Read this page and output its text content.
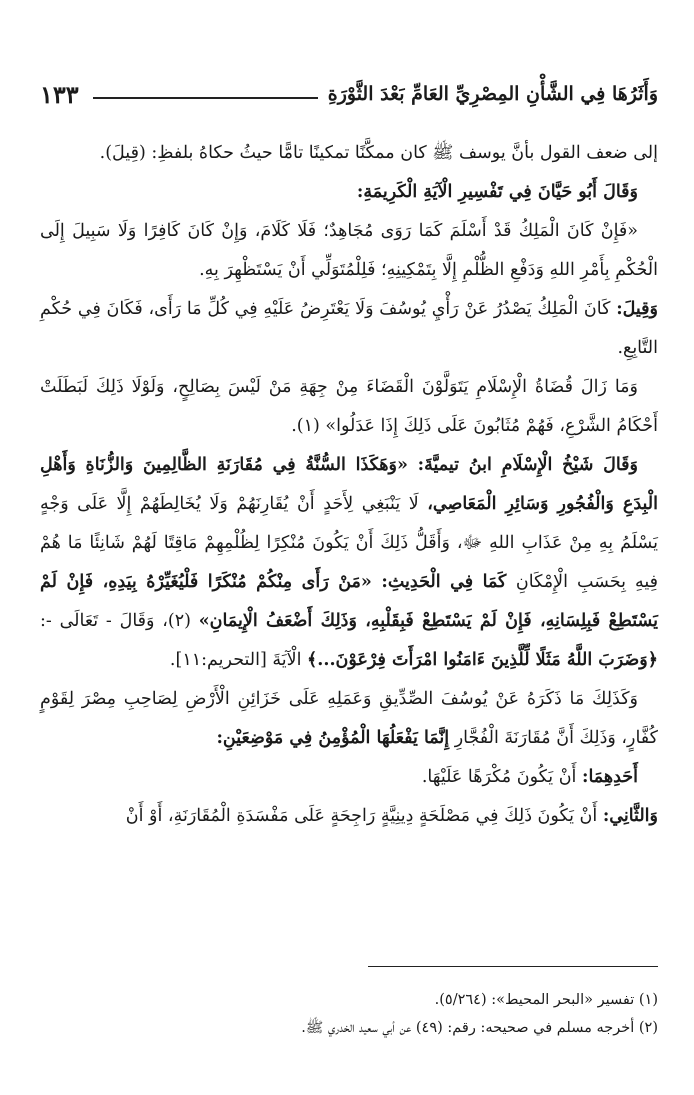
وَأَثَرُهَا فِي الشَّأْنِ المِصْرِيِّ العَامِّ بَعْدَ الثَّوْرَةِ
١٣٣

إلى ضعف القول بأنَّ يوسف ﷺ كان ممكَّنًا تمكينًا تامًّا حيثُ حكاهُ بلفظِ: (قِيلَ).

وَقَالَ أَبُو حَيَّانَ فِي تَفْسِيرِ الْآيَةِ الْكَرِيمَةِ:

«فَإِنْ كَانَ الْمَلِكُ قَدْ أَسْلَمَ كَمَا رَوَى مُجَاهِدٌ؛ فَلَا كَلَامَ، وَإِنْ كَانَ كَافِرًا وَلَا سَبِيلَ إِلَى الْحُكْمِ بِأَمْرِ اللهِ وَدَفْعِ الظُّلْمِ إِلَّا بِتَمْكِينِهِ؛ فَلِلْمُتَوَلِّي أَنْ يَسْتَظْهِرَ بِهِ.

وَقِيلَ: كَانَ الْمَلِكُ يَصْدُرُ عَنْ رَأْيِ يُوسُفَ وَلَا يَعْتَرِضُ عَلَيْهِ فِي كُلِّ مَا رَأَى، فَكَانَ فِي حُكْمِ التَّابِعِ.

وَمَا زَالَ قُضَاةُ الْإِسْلَامِ يَتَوَلَّوْنَ الْقَضَاءَ مِنْ جِهَةِ مَنْ لَيْسَ بِصَالِحٍ، وَلَوْلَا ذَلِكَ لَبَطَلَتْ أَحْكَامُ الشَّرْعِ، فَهُمْ مُثَابُونَ عَلَى ذَلِكَ إِذَا عَدَلُوا» (١).

وَقَالَ شَيْخُ الْإِسْلَامِ ابنُ تيميَّةَ: «وَهَكَذَا السُّنَّةُ فِي مُقَارَنَةِ الظَّالِمِينَ وَالزُّنَاةِ وَأَهْلِ الْبِدَعِ وَالْفُجُورِ وَسَائِرِ الْمَعَاصِي، لَا يَنْبَغِي لِأَحَدٍ أَنْ يُقَارِنَهُمْ وَلَا يُخَالِطَهُمْ إِلَّا عَلَى وَجْهٍ يَسْلَمُ بِهِ مِنْ عَذَابِ اللهِ ﷻ، وَأَقَلُّ ذَلِكَ أَنْ يَكُونَ مُنْكِرًا لِظُلْمِهِمْ مَاقِتًا لَهُمْ شَانِئًا مَا هُمْ فِيهِ بِحَسَبِ الْإِمْكَانِ كَمَا فِي الْحَدِيثِ: «مَنْ رَأَى مِنْكُمْ مُنْكَرًا فَلْيُغَيِّرْهُ بِيَدِهِ، فَإِنْ لَمْ يَسْتَطِعْ فَبِلِسَانِهِ، فَإِنْ لَمْ يَسْتَطِعْ فَبِقَلْبِهِ، وَذَلِكَ أَضْعَفُ الْإِيمَانِ» (٢)، وَقَالَ - تَعَالَى -: ﴿وَضَرَبَ اللَّهُ مَثَلًا لِّلَّذِينَ ءَامَنُوا امْرَأَتَ فِرْعَوْنَ...﴾ الْآيَةَ [التحريم:١١].

وَكَذَلِكَ مَا ذَكَرَهُ عَنْ يُوسُفَ الصِّدِّيقِ وَعَمَلِهِ عَلَى خَزَائِنِ الْأَرْضِ لِصَاحِبِ مِصْرَ لِقَوْمٍ كُفَّارٍ، وَذَلِكَ أَنَّ مُقَارَنَةَ الْفُجَّارِ إِنَّمَا يَفْعَلُهَا الْمُؤْمِنُ فِي مَوْضِعَيْنِ:

أَحَدِهِمَا: أَنْ يَكُونَ مُكْرَهًا عَلَيْهَا.

وَالثَّانِي: أَنْ يَكُونَ ذَلِكَ فِي مَصْلَحَةٍ دِينِيَّةٍ رَاجِحَةٍ عَلَى مَفْسَدَةِ الْمُقَارَنَةِ، أَوْ أَنْ

(١) تفسير «البحر المحيط»: (٥/٢٦٤).

(٢) أخرجه مسلم في صحيحه: رقم: (٤٩) عن أبي سعيد الخدري ﷺ.
